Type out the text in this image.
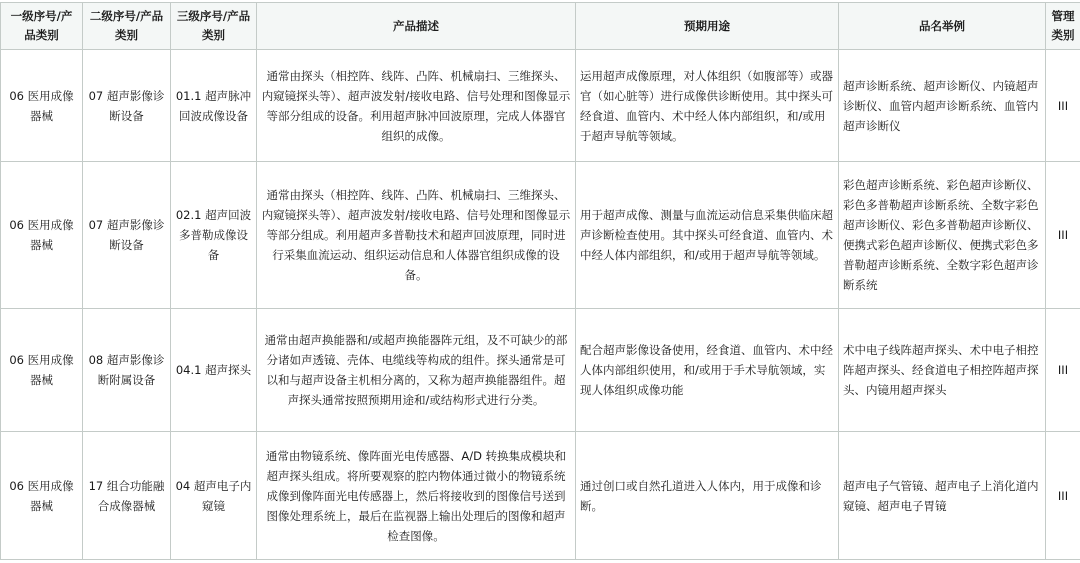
一级序号/产品类别	二级序号/产品类别	三级序号/产品类别	产品描述	预期用途	品名举例	管理类别
06 医用成像器械	07 超声影像诊断设备	01.1 超声脉冲回波成像设备	通常由探头（相控阵、线阵、凸阵、机械扇扫、三维探头、内窥镜探头等）、超声波发射/接收电路、信号处理和图像显示等部分组成的设备。利用超声脉冲回波原理，完成人体器官组织的成像。	运用超声成像原理，对人体组织（如腹部等）或器官（如心脏等）进行成像供诊断使用。其中探头可经食道、血管内、术中经人体内部组织，和/或用于超声导航等领域。	超声诊断系统、超声诊断仪、内镜超声诊断仪、血管内超声诊断系统、血管内超声诊断仪	III
06 医用成像器械	07 超声影像诊断设备	02.1 超声回波多普勒成像设备	通常由探头（相控阵、线阵、凸阵、机械扇扫、三维探头、内窥镜探头等）、超声波发射/接收电路、信号处理和图像显示等部分组成。利用超声多普勒技术和超声回波原理，同时进行采集血流运动、组织运动信息和人体器官组织成像的设备。	用于超声成像、测量与血流运动信息采集供临床超声诊断检查使用。其中探头可经食道、血管内、术中经人体内部组织，和/或用于超声导航等领域。	彩色超声诊断系统、彩色超声诊断仪、彩色多普勒超声诊断系统、全数字彩色超声诊断仪、彩色多普勒超声诊断仪、便携式彩色超声诊断仪、便携式彩色多普勒超声诊断系统、全数字彩色超声诊断系统	III
06 医用成像器械	08 超声影像诊断附属设备	04.1 超声探头	通常由超声换能器和/或超声换能器阵元组，及不可缺少的部分诸如声透镜、壳体、电缆线等构成的组件。探头通常是可以和与超声设备主机相分离的，又称为超声换能器组件。超声探头通常按照预期用途和/或结构形式进行分类。	配合超声影像设备使用，经食道、血管内、术中经人体内部组织使用，和/或用于手术导航领域，实现人体组织成像功能	术中电子线阵超声探头、术中电子相控阵超声探头、经食道电子相控阵超声探头、内镜用超声探头	III
06 医用成像器械	17 组合功能融合成像器械	04 超声电子内窥镜	通常由物镜系统、像阵面光电传感器、A/D 转换集成模块和超声探头组成。将所要观察的腔内物体通过微小的物镜系统成像到像阵面光电传感器上，然后将接收到的图像信号送到图像处理系统上，最后在监视器上输出处理后的图像和超声检查图像。	通过创口或自然孔道进入人体内，用于成像和诊断。	超声电子气管镜、超声电子上消化道内窥镜、超声电子胃镜	III
